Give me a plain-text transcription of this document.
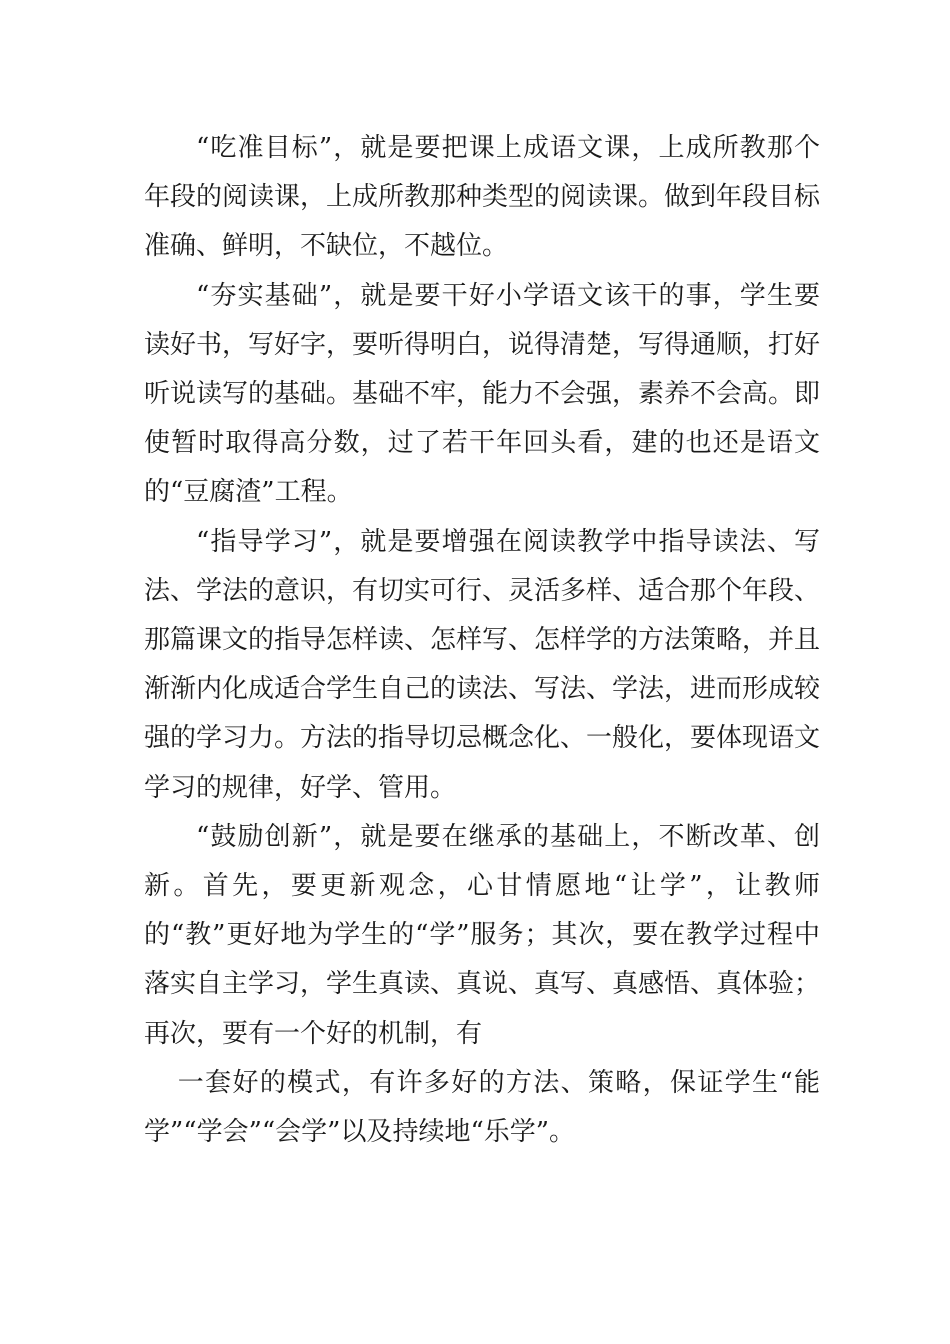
“吃准目标”，就是要把课上成语文课，上成所教那个年段的阅读课，上成所教那种类型的阅读课。做到年段目标准确、鲜明，不缺位，不越位。

“夯实基础”，就是要干好小学语文该干的事，学生要读好书，写好字，要听得明白，说得清楚，写得通顺，打好听说读写的基础。基础不牢，能力不会强，素养不会高。即使暂时取得高分数，过了若干年回头看，建的也还是语文的“豆腐渣”工程。

“指导学习”，就是要增强在阅读教学中指导读法、写法、学法的意识，有切实可行、灵活多样、适合那个年段、那篇课文的指导怎样读、怎样写、怎样学的方法策略，并且渐渐内化成适合学生自己的读法、写法、学法，进而形成较强的学习力。方法的指导切忌概念化、一般化，要体现语文学习的规律，好学、管用。

“鼓励创新”，就是要在继承的基础上，不断改革、创新。首先，要更新观念，心甘情愿地“让学”，让教师的“教”更好地为学生的“学”服务；其次，要在教学过程中落实自主学习，学生真读、真说、真写、真感悟、真体验；再次，要有一个好的机制，有

一套好的模式，有许多好的方法、策略，保证学生“能学”“学会”“会学”以及持续地“乐学”。
